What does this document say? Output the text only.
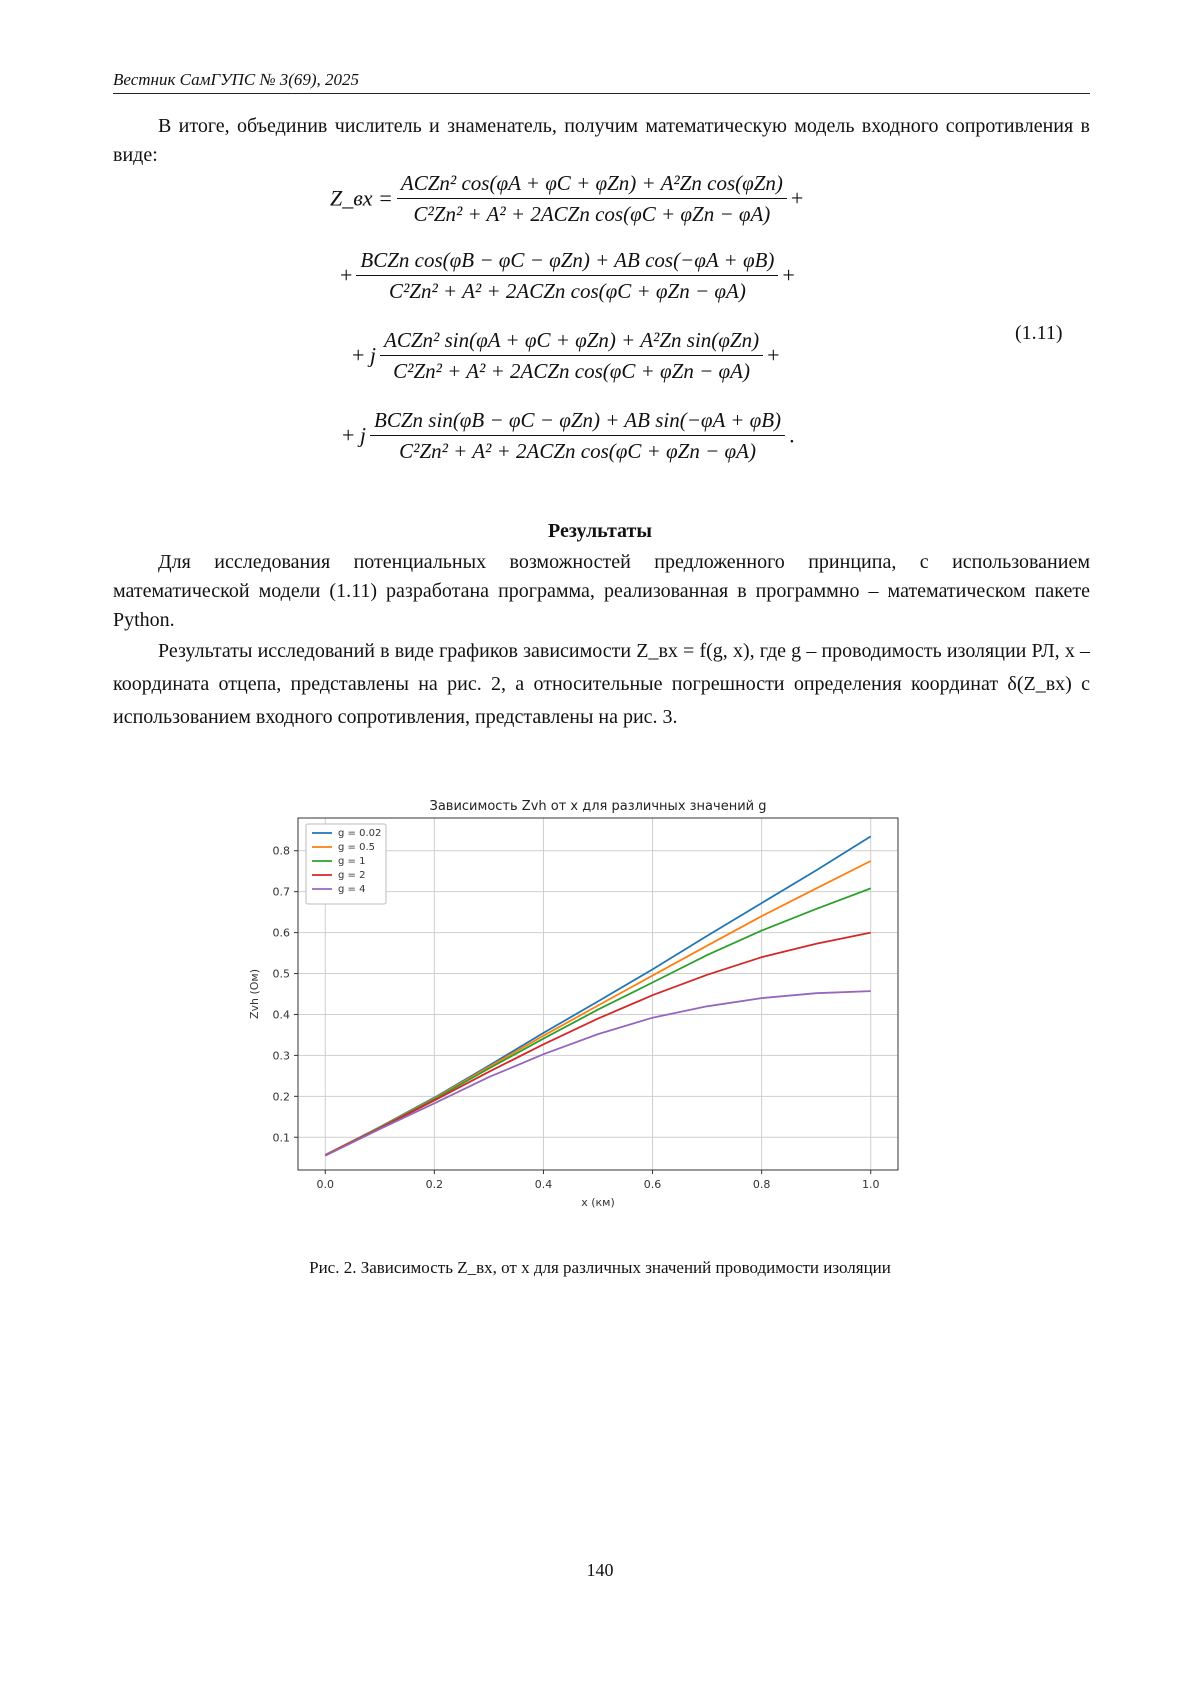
Вестник СамГУПС № 3(69), 2025

В итоге, объединив числитель и знаменатель, получим математическую модель входного сопротивления в виде:

Z_вх = $\frac{\text{ACZn² cos(φA + φC + φZn) + A²Zn cos(φZn)}}{\text{C²Zn² + A² + 2ACZn cos(φC + φZn − φA)}}$ +
+ $\frac{\text{BCZn cos(φB − φC − φZn) + AB cos(−φA + φB)}}{\text{C²Zn² + A² + 2ACZn cos(φC + φZn − φA)}}$ +
+ j $\frac{\text{ACZn² sin(φA + φC + φZn) + A²Zn sin(φZn)}}{\text{C²Zn² + A² + 2ACZn cos(φC + φZn − φA)}}$ +
+ j $\frac{\text{BCZn sin(φB − φC − φZn) + AB sin(−φA + φB)}}{\text{C²Zn² + A² + 2ACZn cos(φC + φZn − φA)}}$ .
(1.11)
Результаты

Для исследования потенциальных возможностей предложенного принципа, с использованием математической модели (1.11) разработана программа, реализованная в программно – математическом пакете Python.

Результаты исследований в виде графиков зависимости Z_вх = f(g, x), где g – проводимость изоляции РЛ, x – координата отцепа, представлены на рис. 2, а относительные погрешности определения координат δ(Z_вх) с использованием входного сопротивления, представлены на рис. 3.

Зависимость Zvh от x для различных значений g
0.0	0.2	0.4	0.6	0.8	1.0
0.1
0.2
0.3
0.4
0.5
0.6
0.7
0.8
x (км)
Zvh (Ом)
g = 0.02
g = 0.5
g = 1
g = 2
g = 4
Рис. 2. Зависимость Z_вх, от x для различных значений проводимости изоляции
140
